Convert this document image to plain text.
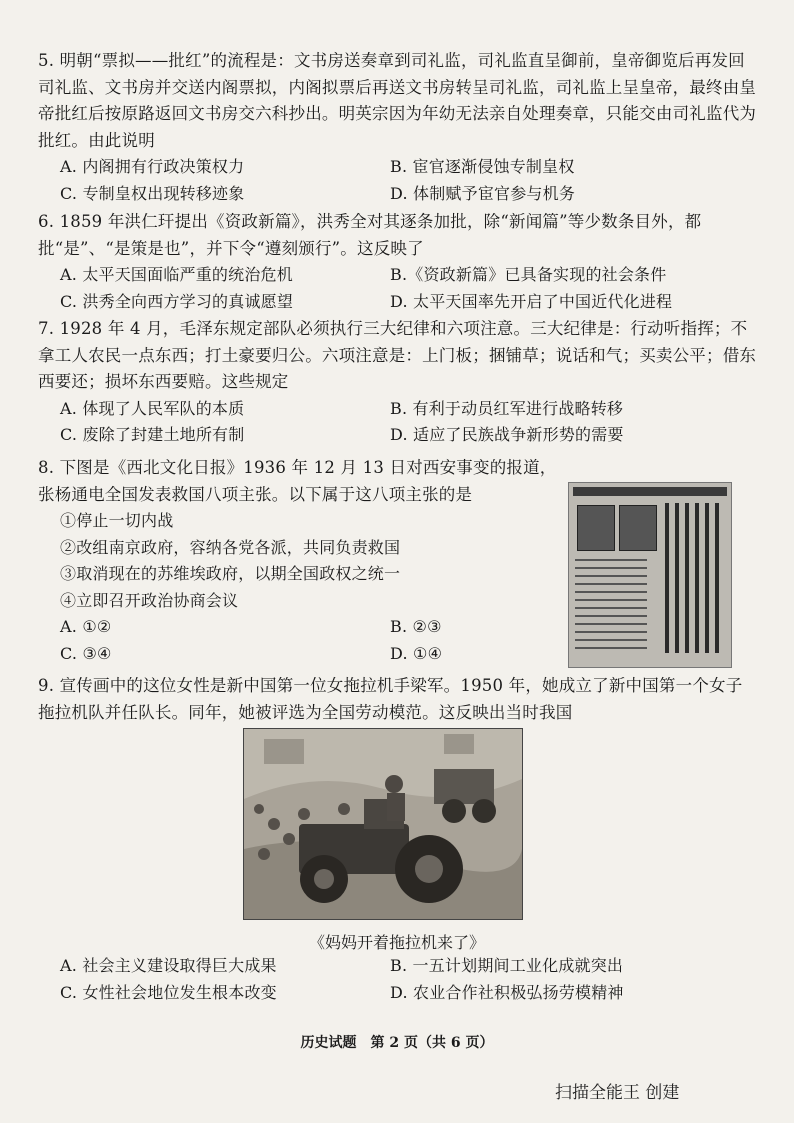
5. 明朝“票拟——批红”的流程是：文书房送奏章到司礼监，司礼监直呈御前，皇帝御览后再发回司礼监、文书房并交送内阁票拟，内阁拟票后再送文书房转呈司礼监，司礼监上呈皇帝，最终由皇帝批红后按原路返回文书房交六科抄出。明英宗因为年幼无法亲自处理奏章，只能交由司礼监代为批红。由此说明

A. 内阁拥有行政决策权力	B. 宦官逐渐侵蚀专制皇权
C. 专制皇权出现转移迹象	D. 体制赋予宦官参与机务

6. 1859 年洪仁玕提出《资政新篇》，洪秀全对其逐条加批，除“新闻篇”等少数条目外，都批“是”、“是策是也”，并下令“遵刻颁行”。这反映了

A. 太平天国面临严重的统治危机	B.《资政新篇》已具备实现的社会条件
C. 洪秀全向西方学习的真诚愿望	D. 太平天国率先开启了中国近代化进程

7. 1928 年 4 月，毛泽东规定部队必须执行三大纪律和六项注意。三大纪律是：行动听指挥；不拿工人农民一点东西；打土豪要归公。六项注意是：上门板；捆铺草；说话和气；买卖公平；借东西要还；损坏东西要赔。这些规定

A. 体现了人民军队的本质	B. 有利于动员红军进行战略转移
C. 废除了封建土地所有制	D. 适应了民族战争新形势的需要

8. 下图是《西北文化日报》1936 年 12 月 13 日对西安事变的报道，张杨通电全国发表救国八项主张。以下属于这八项主张的是

①停止一切内战
②改组南京政府，容纳各党各派，共同负责救国
③取消现在的苏维埃政府，以期全国政权之统一
④立即召开政治协商会议
A. ①②	B. ②③
C. ③④	D. ①④

9. 宣传画中的这位女性是新中国第一位女拖拉机手梁军。1950 年，她成立了新中国第一个女子拖拉机队并任队长。同年，她被评选为全国劳动模范。这反映出当时我国

《妈妈开着拖拉机来了》
A. 社会主义建设取得巨大成果	B. 一五计划期间工业化成就突出
C. 女性社会地位发生根本改变	D. 农业合作社积极弘扬劳模精神
历史试题　第 2 页（共 6 页）
扫描全能王 创建
